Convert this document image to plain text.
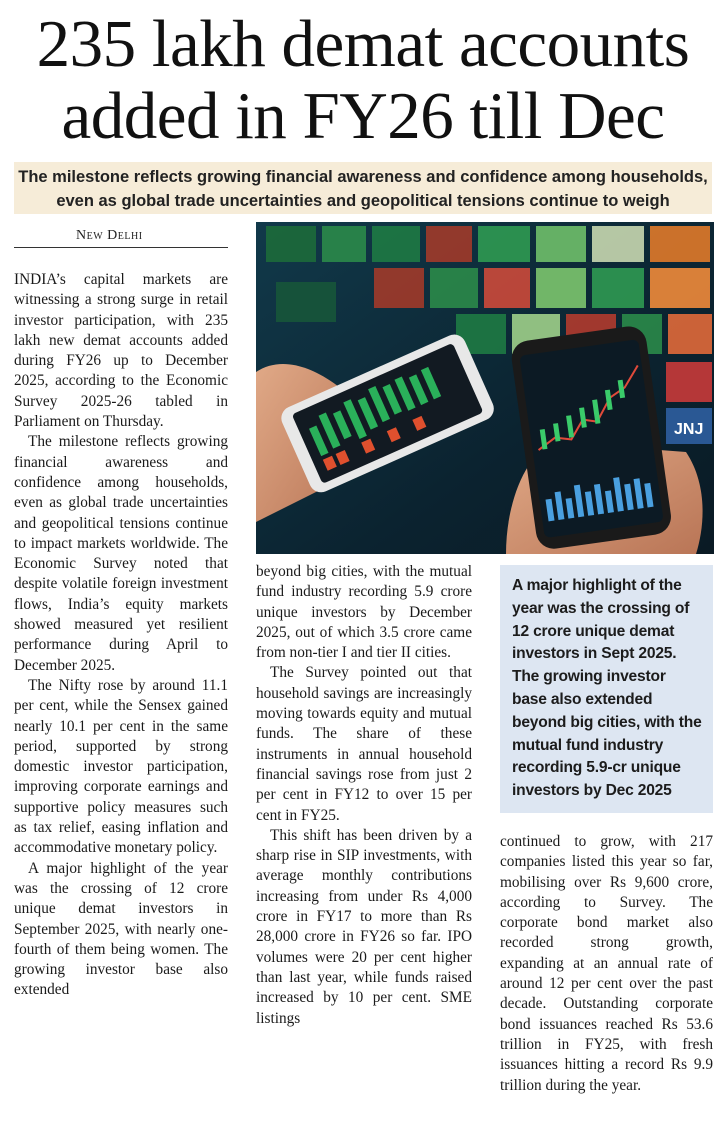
235 lakh demat accounts
added in FY26 till Dec
The milestone reflects growing financial awareness and confidence among households,
even as global trade uncertainties and geopolitical tensions continue to weigh
New Delhi

INDIA’s capital markets are witnessing a strong surge in retail investor participation, with 235 lakh new demat accounts added during FY26 up to December 2025, according to the Economic Survey 2025-26 tabled in Parliament on Thursday.

The milestone reflects growing financial awareness and confidence among households, even as global trade uncertainties and geopolitical tensions continue to impact markets worldwide. The Economic Survey noted that despite volatile foreign investment flows, India’s equity markets showed measured yet resilient performance during April to December 2025.

The Nifty rose by around 11.1 per cent, while the Sensex gained nearly 10.1 per cent in the same period, supported by strong domestic investor participation, improving corporate earnings and supportive policy measures such as tax relief, easing inflation and accommodative monetary policy.

A major highlight of the year was the crossing of 12 crore unique demat investors in September 2025, with nearly one-fourth of them being women. The growing investor base also extended

JNJ

beyond big cities, with the mutual fund industry recording 5.9 crore unique investors by December 2025, out of which 3.5 crore came from non-tier I and tier II cities.

The Survey pointed out that household savings are increasingly moving towards equity and mutual funds. The share of these instruments in annual household financial savings rose from just 2 per cent in FY12 to over 15 per cent in FY25.

This shift has been driven by a sharp rise in SIP investments, with average monthly contributions increasing from under Rs 4,000 crore in FY17 to more than Rs 28,000 crore in FY26 so far. IPO volumes were 20 per cent higher than last year, while funds raised increased by 10 per cent. SME listings

A major highlight of the year was the crossing of 12 crore unique demat investors in Sept 2025. The growing investor base also extended beyond big cities, with the mutual fund industry recording 5.9-cr unique investors by Dec 2025

continued to grow, with 217 companies listed this year so far, mobilising over Rs 9,600 crore, according to Survey. The corporate bond market also recorded strong growth, expanding at an annual rate of around 12 per cent over the past decade. Outstanding corporate bond issuances reached Rs 53.6 trillion in FY25, with fresh issuances hitting a record Rs 9.9 trillion during the year.
